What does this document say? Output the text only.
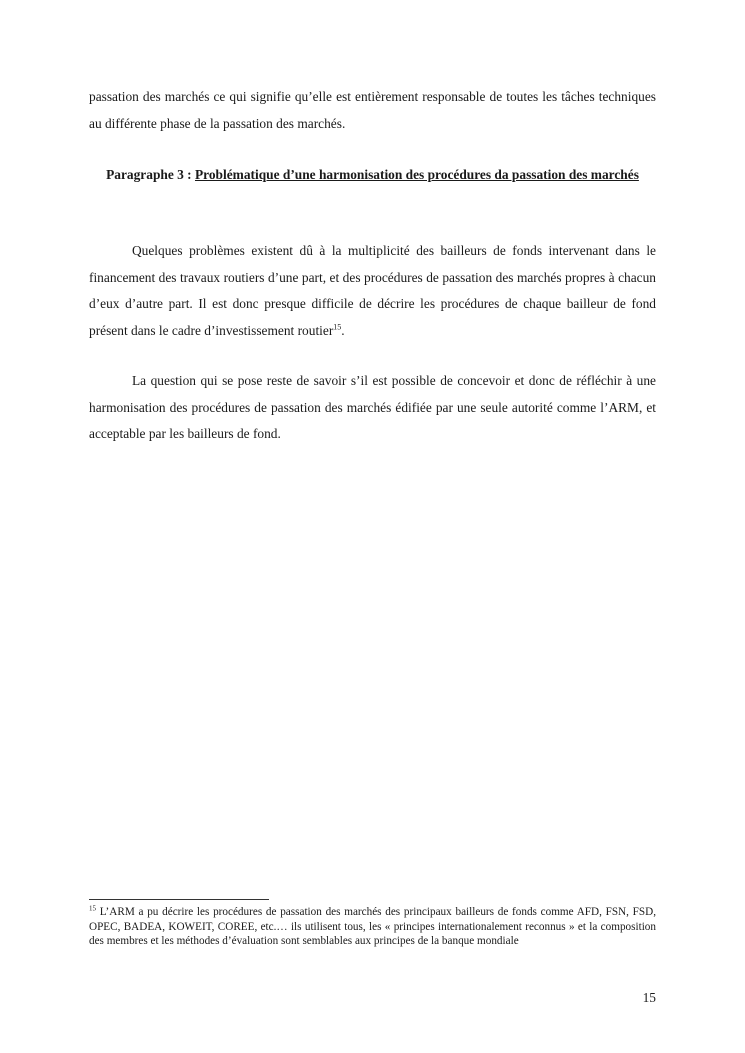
passation des marchés ce qui signifie qu’elle est entièrement responsable de toutes les tâches techniques au différente phase de la passation des marchés.
Paragraphe 3 : Problématique d’une harmonisation des procédures da passation des marchés
Quelques problèmes existent dû à la multiplicité des bailleurs de fonds intervenant dans le financement des travaux routiers d’une part, et des procédures de passation des marchés propres à chacun d’eux d’autre part. Il est donc presque difficile de décrire les procédures de chaque bailleur de fond présent dans le cadre d’investissement routier$^{15}$.
La question qui se pose reste de savoir s’il est possible de concevoir et donc de réfléchir à une harmonisation des procédures de passation des marchés édifiée par une seule autorité comme l’ARM, et acceptable par les bailleurs de fond.
$^{15}$ L’ARM a pu décrire les procédures de passation des marchés des principaux bailleurs de fonds comme AFD, FSN, FSD, OPEC, BADEA, KOWEIT, COREE, etc.… ils utilisent tous, les « principes internationalement reconnus » et la composition des membres et les méthodes d’évaluation sont semblables aux principes de la banque mondiale
15
